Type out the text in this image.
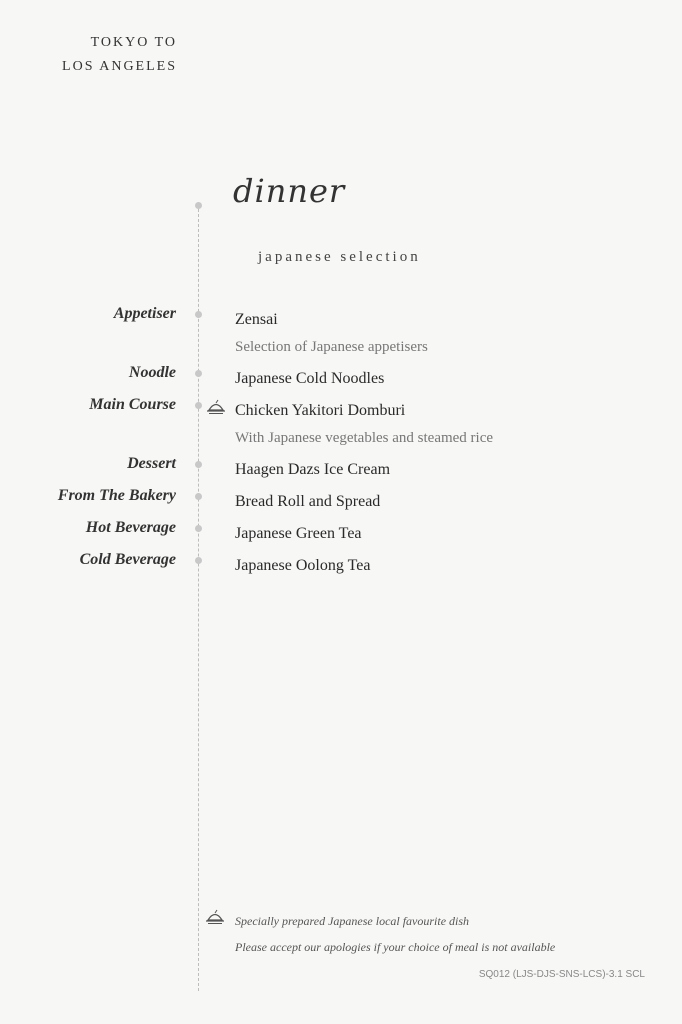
TOKYO TO
LOS ANGELES
dinner
japanese selection
Appetiser	Zensai
Selection of Japanese appetisers
Noodle	Japanese Cold Noodles
Main Course	Chicken Yakitori Domburi
With Japanese vegetables and steamed rice
Dessert	Haagen Dazs Ice Cream
From The Bakery	Bread Roll and Spread
Hot Beverage	Japanese Green Tea
Cold Beverage	Japanese Oolong Tea
Specially prepared Japanese local favourite dish
Please accept our apologies if your choice of meal is not available
SQ012 (LJS-DJS-SNS-LCS)-3.1 SCL
